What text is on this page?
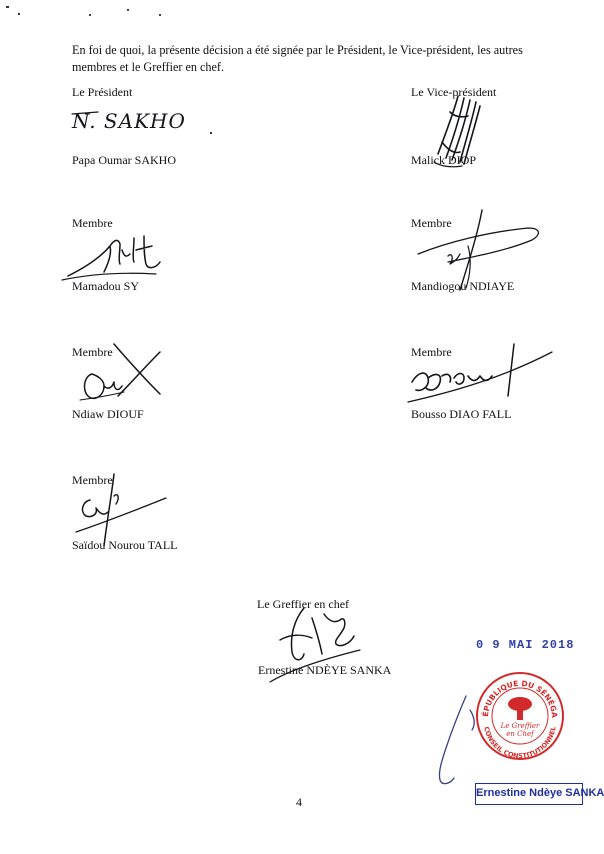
En foi de quoi, la présente décision a été signée par le Président, le Vice-président, les autres membres et le Greffier en chef.
Le Président
N. SAKHO
Papa Oumar SAKHO
Le Vice-président
Malick DIOP
Membre
Mamadou SY
Membre
Mandiogou NDIAYE
Membre
Ndiaw DIOUF
Membre
Bousso DIAO FALL
Membre
Saïdou Nourou TALL
Le Greffier en chef
Ernestine NDÈYE SANKA
0 9 MAI 2018
RÉPUBLIQUE DU SÉNÉGAL
CONSEIL CONSTITUTIONNEL
Le Greffier
en Chef
Ernestine Ndèye SANKA
4
